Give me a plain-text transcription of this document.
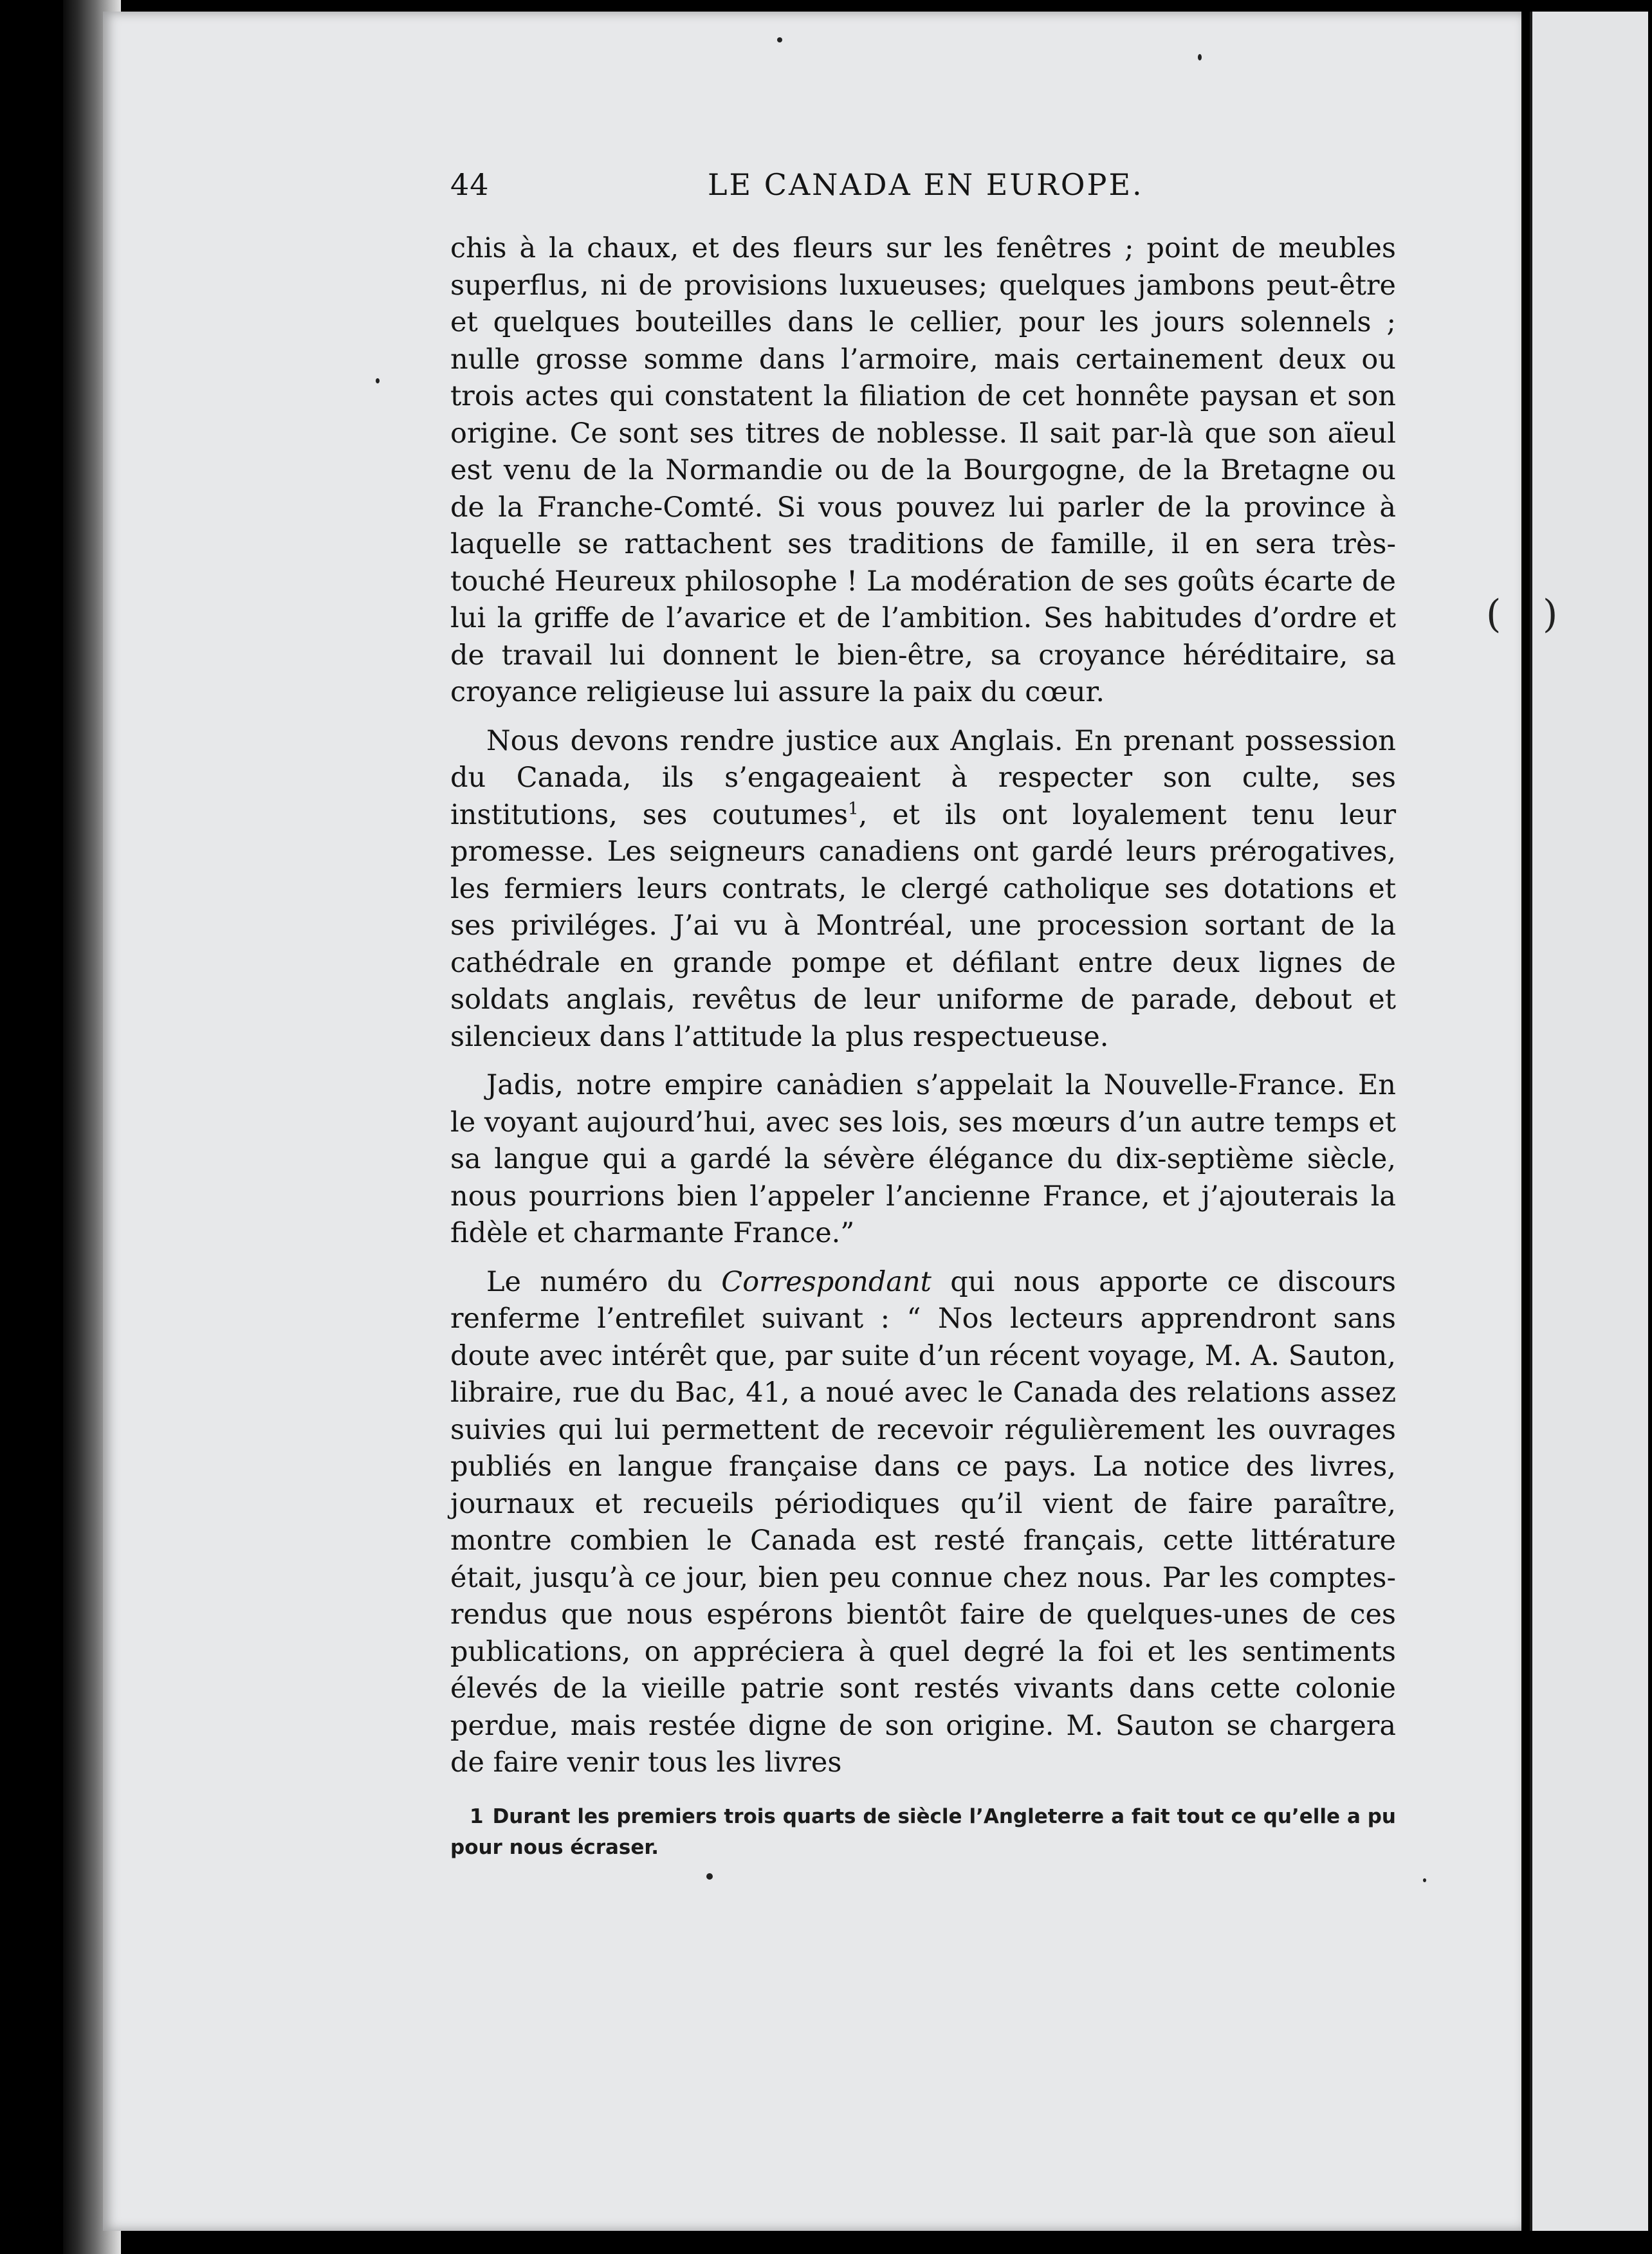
( )
44	LE CANADA EN EUROPE.

chis à la chaux, et des fleurs sur les fenêtres ; point de meubles superflus, ni de provisions luxueuses; quelques jambons peut-être et quelques bouteilles dans le cellier, pour les jours solennels ; nulle grosse somme dans l’armoire, mais certainement deux ou trois actes qui constatent la filiation de cet honnête paysan et son origine. Ce sont ses titres de noblesse. Il sait par-là que son aïeul est venu de la Normandie ou de la Bourgogne, de la Bretagne ou de la Franche-Comté. Si vous pouvez lui parler de la province à laquelle se rattachent ses traditions de famille, il en sera très-touché Heureux philosophe ! La modération de ses goûts écarte de lui la griffe de l’avarice et de l’ambition. Ses habitudes d’ordre et de travail lui donnent le bien-être, sa croyance héréditaire, sa croyance religieuse lui assure la paix du cœur.

Nous devons rendre justice aux Anglais. En prenant possession du Canada, ils s’engageaient à respecter son culte, ses institutions, ses coutumes$^1$, et ils ont loyalement tenu leur promesse. Les seigneurs canadiens ont gardé leurs prérogatives, les fermiers leurs contrats, le clergé catholique ses dotations et ses priviléges. J’ai vu à Montréal, une procession sortant de la cathédrale en grande pompe et défilant entre deux lignes de soldats anglais, revêtus de leur uniforme de parade, debout et silencieux dans l’attitude la plus respectueuse.

Jadis, notre empire canadien s’appelait la Nouvelle-France. En le voyant aujourd’hui, avec ses lois, ses mœurs d’un autre temps et sa langue qui a gardé la sévère élégance du dix-septième siècle, nous pourrions bien l’appeler l’ancienne France, et j’ajouterais la fidèle et charmante France.”

Le numéro du Correspondant qui nous apporte ce discours renferme l’entrefilet suivant : “ Nos lecteurs apprendront sans doute avec intérêt que, par suite d’un récent voyage, M. A. Sauton, libraire, rue du Bac, 41, a noué avec le Canada des relations assez suivies qui lui permettent de recevoir régulièrement les ouvrages publiés en langue française dans ce pays. La notice des livres, journaux et recueils périodiques qu’il vient de faire paraître, montre combien le Canada est resté français, cette littérature était, jusqu’à ce jour, bien peu connue chez nous. Par les comptes-rendus que nous espérons bientôt faire de quelques-unes de ces publications, on appréciera à quel degré la foi et les sentiments élevés de la vieille patrie sont restés vivants dans cette colonie perdue, mais restée digne de son origine. M. Sauton se chargera de faire venir tous les livres

1 Durant les premiers trois quarts de siècle l’Angleterre a fait tout ce qu’elle a pu pour nous écraser.
